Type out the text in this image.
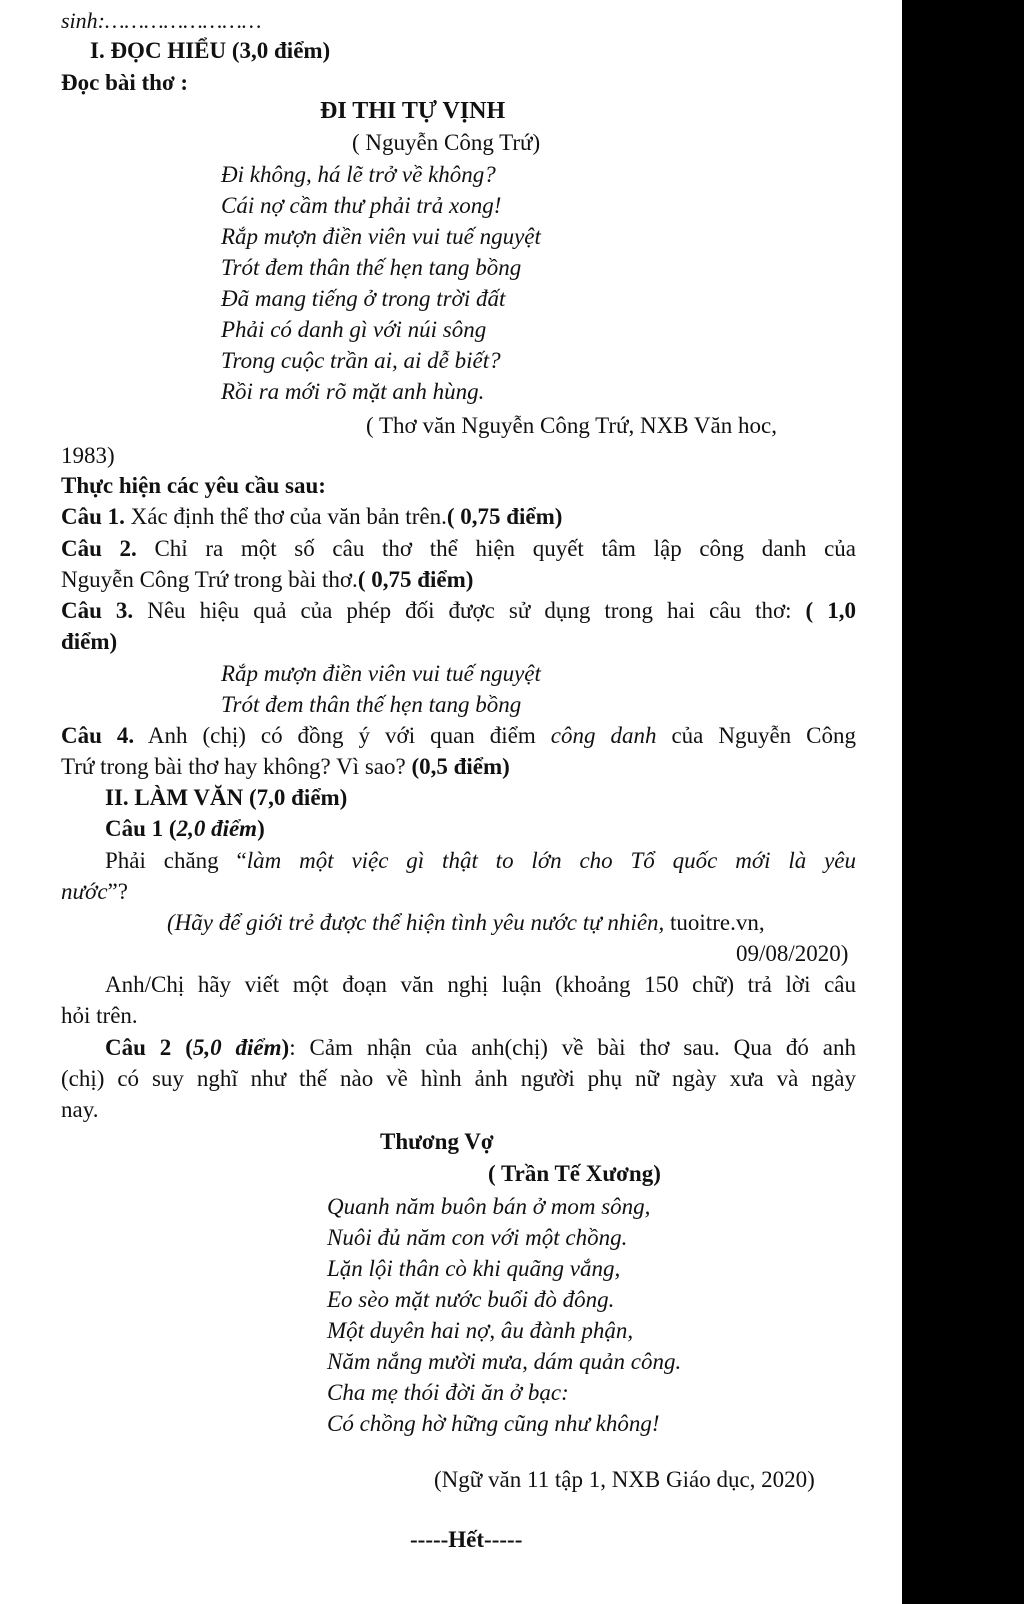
sinh:……………………
I. ĐỌC HIỂU (3,0 điểm)
Đọc bài thơ :
ĐI THI TỰ VỊNH
( Nguyễn Công Trứ)
Đi không, há lẽ trở về không?
Cái nợ cầm thư phải trả xong!
Rắp mượn điền viên vui tuế nguyệt
Trót đem thân thế hẹn tang bồng
Đã mang tiếng ở trong trời đất
Phải có danh gì với núi sông
Trong cuộc trần ai, ai dễ biết?
Rồi ra mới rõ mặt anh hùng.
( Thơ văn Nguyễn Công Trứ, NXB Văn hoc,
1983)
Thực hiện các yêu cầu sau:
Câu 1. Xác định thể thơ của văn bản trên.( 0,75 điểm)
Câu 2. Chỉ ra một số câu thơ thể hiện quyết tâm lập công danh của
Nguyễn Công Trứ trong bài thơ.( 0,75 điểm)
Câu 3. Nêu hiệu quả của phép đối được sử dụng trong hai câu thơ: ( 1,0
điểm)
Rắp mượn điền viên vui tuế nguyệt
Trót đem thân thế hẹn tang bồng
Câu 4. Anh (chị) có đồng ý với quan điểm công danh của Nguyễn Công
Trứ trong bài thơ hay không? Vì sao? (0,5 điểm)
II. LÀM VĂN (7,0 điểm)
Câu 1 (2,0 điểm)
Phải chăng “làm một việc gì thật to lớn cho Tổ quốc mới là yêu
nước”?
(Hãy để giới trẻ được thể hiện tình yêu nước tự nhiên, tuoitre.vn,
09/08/2020)
Anh/Chị hãy viết một đoạn văn nghị luận (khoảng 150 chữ) trả lời câu
hỏi trên.
Câu 2 (5,0 điểm): Cảm nhận của anh(chị) về bài thơ sau. Qua đó anh
(chị) có suy nghĩ như thế nào về hình ảnh người phụ nữ ngày xưa và ngày
nay.
Thương Vợ
( Trần Tế Xương)
Quanh năm buôn bán ở mom sông,
Nuôi đủ năm con với một chồng.
Lặn lội thân cò khi quãng vắng,
Eo sèo mặt nước buổi đò đông.
Một duyên hai nợ, âu đành phận,
Năm nắng mười mưa, dám quản công.
Cha mẹ thói đời ăn ở bạc:
Có chồng hờ hững cũng như không!
(Ngữ văn 11 tập 1, NXB Giáo dục, 2020)
-----Hết-----
